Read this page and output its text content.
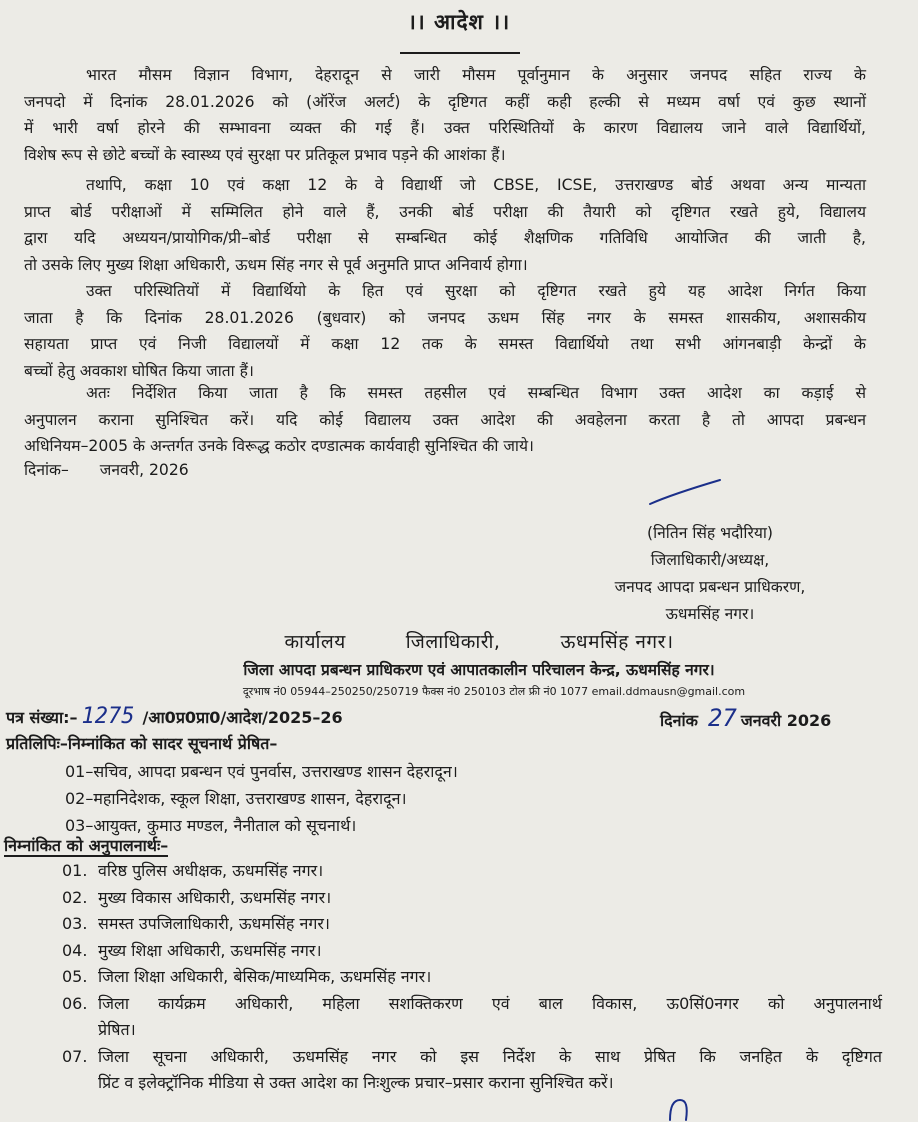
।। आदेश ।।
भारत मौसम विज्ञान विभाग, देहरादून से जारी मौसम पूर्वानुमान के अनुसार जनपद सहित राज्य के
जनपदो में दिनांक 28.01.2026 को (ऑरेंज अलर्ट) के दृष्टिगत कहीं कही हल्की से मध्यम वर्षा एवं कुछ स्थानों
में भारी वर्षा होरने की सम्भावना व्यक्त की गई हैं। उक्त परिस्थितियों के कारण विद्यालय जाने वाले विद्यार्थियों,
विशेष रूप से छोटे बच्चों के स्वास्थ्य एवं सुरक्षा पर प्रतिकूल प्रभाव पड़ने की आशंका हैं।
तथापि, कक्षा 10 एवं कक्षा 12 के वे विद्यार्थी जो CBSE, ICSE, उत्तराखण्ड बोर्ड अथवा अन्य मान्यता
प्राप्त बोर्ड परीक्षाओं में सम्मिलित होने वाले हैं, उनकी बोर्ड परीक्षा की तैयारी को दृष्टिगत रखते हुये, विद्यालय
द्वारा यदि अध्ययन/प्रायोगिक/प्री–बोर्ड परीक्षा से सम्बन्धित कोई शैक्षणिक गतिविधि आयोजित की जाती है,
तो उसके लिए मुख्य शिक्षा अधिकारी, ऊधम सिंह नगर से पूर्व अनुमति प्राप्त अनिवार्य होगा।
उक्त परिस्थितियों में विद्यार्थियो के हित एवं सुरक्षा को दृष्टिगत रखते हुये यह आदेश निर्गत किया
जाता है कि दिनांक 28.01.2026 (बुधवार) को जनपद ऊधम सिंह नगर के समस्त शासकीय, अशासकीय
सहायता प्राप्त एवं निजी विद्यालयों में कक्षा 12 तक के समस्त विद्यार्थियो तथा सभी आंगनबाड़ी केन्द्रों के
बच्चों हेतु अवकाश घोषित किया जाता हैं।
अतः निर्देशित किया जाता है कि समस्त तहसील एवं सम्बन्धित विभाग उक्त आदेश का कड़ाई से
अनुपालन कराना सुनिश्चित करें। यदि कोई विद्यालय उक्त आदेश की अवहेलना करता है तो आपदा प्रबन्धन
अधिनियम–2005 के अन्तर्गत उनके विरूद्ध कठोर दण्डात्मक कार्यवाही सुनिश्चित की जाये।
दिनांक– जनवरी, 2026
(नितिन सिंह भदौरिया)
जिलाधिकारी/अध्यक्ष,
जनपद आपदा प्रबन्धन प्राधिकरण,
ऊधमसिंह नगर।
कार्यालय	जिलाधिकारी,	ऊधमसिंह नगर।
जिला आपदा प्रबन्धन प्राधिकरण एवं आपातकालीन परिचालन केन्द्र, ऊधमसिंह नगर।
दूरभाष नं0 05944–250250/250719 फैक्स नं0 250103 टोल फ्री नं0 1077 email.ddmausn@gmail.com
पत्र संख्या:– 1275 /आ0प्र0प्रा0/आदेश/2025–26	दिनांक 27 जनवरी 2026
प्रतिलिपिः–निम्नांकित को सादर सूचनार्थ प्रेषित–
01–सचिव, आपदा प्रबन्धन एवं पुनर्वास, उत्तराखण्ड शासन देहरादून।
02–महानिदेशक, स्कूल शिक्षा, उत्तराखण्ड शासन, देहरादून।
03–आयुक्त, कुमाउ मण्डल, नैनीताल को सूचनार्थ।
निम्नांकित को अनुपालनार्थः–
01. वरिष्ठ पुलिस अधीक्षक, ऊधमसिंह नगर।
02. मुख्य विकास अधिकारी, ऊधमसिंह नगर।
03. समस्त उपजिलाधिकारी, ऊधमसिंह नगर।
04. मुख्य शिक्षा अधिकारी, ऊधमसिंह नगर।
05. जिला शिक्षा अधिकारी, बेसिक/माध्यमिक, ऊधमसिंह नगर।
06. जिला कार्यक्रम अधिकारी, महिला सशक्तिकरण एवं बाल विकास, ऊ0सिं0नगर को अनुपालनार्थ
प्रेषित।
07. जिला सूचना अधिकारी, ऊधमसिंह नगर को इस निर्देश के साथ प्रेषित कि जनहित के दृष्टिगत
प्रिंट व इलेक्ट्रॉनिक मीडिया से उक्त आदेश का निःशुल्क प्रचार–प्रसार कराना सुनिश्चित करें।
